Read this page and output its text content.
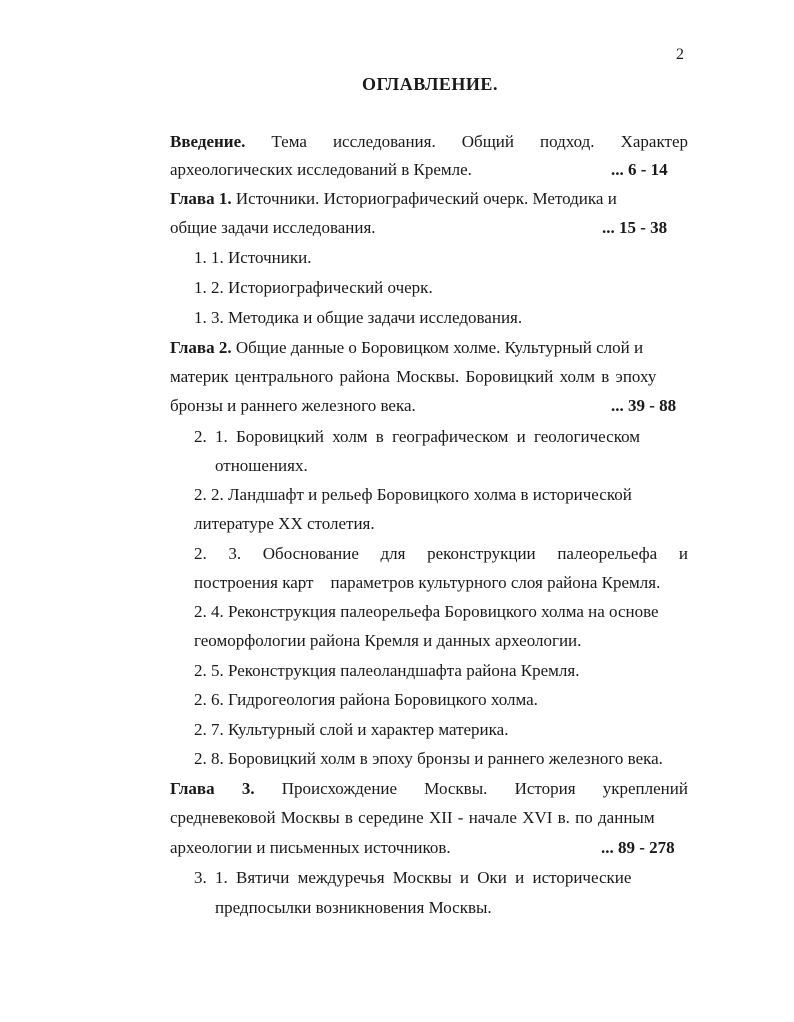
2
ОГЛАВЛЕНИЕ.
Введение. Тема исследования. Общий подход. Характер
археологических исследований в Кремле.	... 6 - 14
Глава 1. Источники. Историографический очерк. Методика и
общие задачи исследования.	... 15 - 38
1. 1. Источники.
1. 2. Историографический очерк.
1. 3. Методика и общие задачи исследования.
Глава 2. Общие данные о Боровицком холме. Культурный слой и
материк центрального района Москвы. Боровицкий холм в эпоху
бронзы и раннего железного века.	... 39 - 88
2. 1. Боровицкий холм в географическом и геологическом
отношениях.
2. 2. Ландшафт и рельеф Боровицкого холма в исторической
литературе XX столетия.
2. 3. Обоснование для реконструкции палеорельефа и
построения карт    параметров культурного слоя района Кремля.
2. 4. Реконструкция палеорельефа Боровицкого холма на основе
геоморфологии района Кремля и данных археологии.
2. 5. Реконструкция палеоландшафта района Кремля.
2. 6. Гидрогеология района Боровицкого холма.
2. 7. Культурный слой и характер материка.
2. 8. Боровицкий холм в эпоху бронзы и раннего железного века.
Глава 3. Происхождение Москвы. История укреплений
средневековой Москвы в середине XII - начале XVI в. по данным
археологии и письменных источников.	... 89 - 278
3. 1. Вятичи междуречья Москвы и Оки и исторические
предпосылки возникновения Москвы.
